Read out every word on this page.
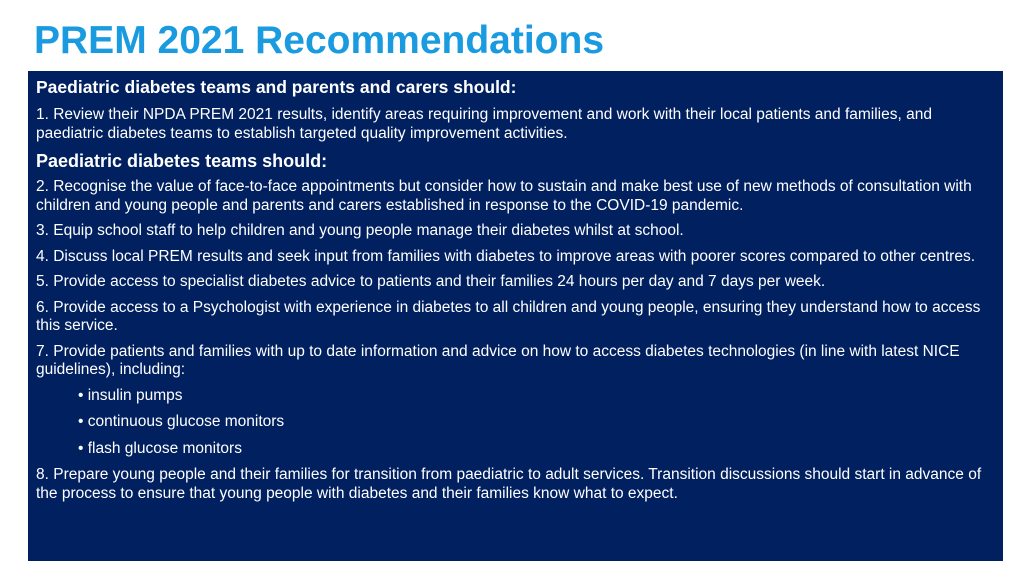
PREM 2021 Recommendations

Paediatric diabetes teams and parents and carers should:

1. Review their NPDA PREM 2021 results, identify areas requiring improvement and work with their local patients and families, and paediatric diabetes teams to establish targeted quality improvement activities.

Paediatric diabetes teams should:

2. Recognise the value of face-to-face appointments but consider how to sustain and make best use of new methods of consultation with children and young people and parents and carers established in response to the COVID-19 pandemic.

3. Equip school staff to help children and young people manage their diabetes whilst at school.

4. Discuss local PREM results and seek input from families with diabetes to improve areas with poorer scores compared to other centres.

5. Provide access to specialist diabetes advice to patients and their families 24 hours per day and 7 days per week.

6. Provide access to a Psychologist with experience in diabetes to all children and young people, ensuring they understand how to access this service.

7. Provide patients and families with up to date information and advice on how to access diabetes technologies (in line with latest NICE guidelines), including:

• insulin pumps

• continuous glucose monitors

• flash glucose monitors

8. Prepare young people and their families for transition from paediatric to adult services. Transition discussions should start in advance of the process to ensure that young people with diabetes and their families know what to expect.
